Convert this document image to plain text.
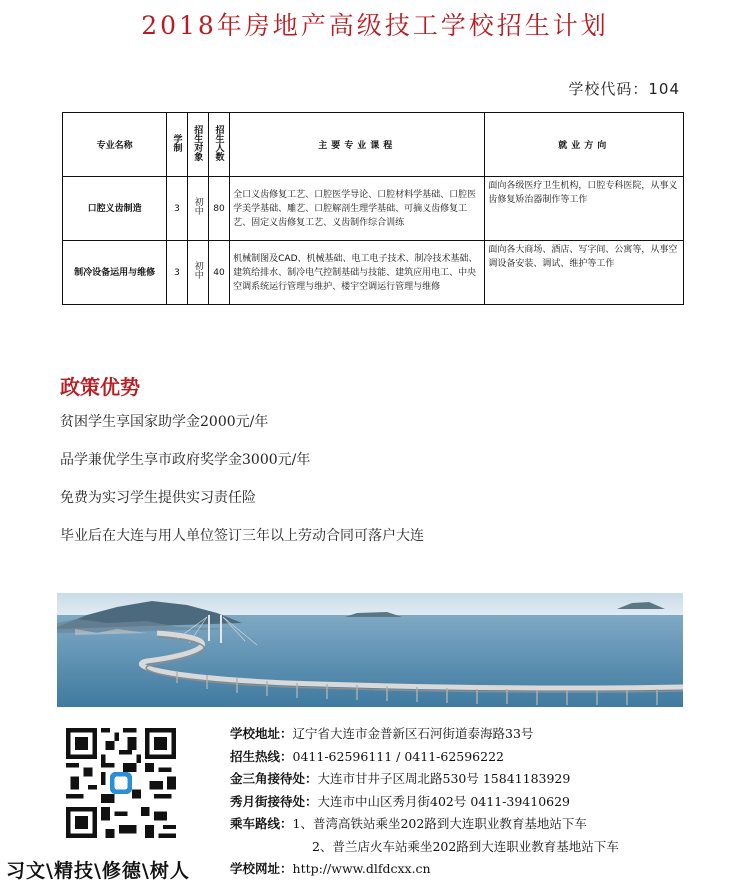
2018年房地产高级技工学校招生计划
学校代码：104
专业名称	学制	招生对象	招生人数	主要专业课程	就业方向
口腔义齿制造	3	初中	80	全口义齿修复工艺、口腔医学导论、口腔材料学基础、口腔医学美学基础、雕艺、口腔解剖生理学基础、可摘义齿修复工艺、固定义齿修复工艺、义齿制作综合训练	面向各级医疗卫生机构，口腔专科医院，从事义齿修复矫治器制作等工作
制冷设备运用与维修	3	初中	40	机械制图及CAD、机械基础、电工电子技术、制冷技术基础、建筑给排水、制冷电气控制基础与技能、建筑应用电工、中央空调系统运行管理与维护、楼宇空调运行管理与维修	面向各大商场、酒店、写字间、公寓等，从事空调设备安装、调试、维护等工作
政策优势
贫困学生享国家助学金2000元/年
品学兼优学生享市政府奖学金3000元/年
免费为实习学生提供实习责任险
毕业后在大连与用人单位签订三年以上劳动合同可落户大连
习文\精技\修德\树人
学校地址：辽宁省大连市金普新区石河街道泰海路33号
招生热线：0411-62596111 / 0411-62596222
金三角接待处：大连市甘井子区周北路530号 15841183929
秀月街接待处：大连市中山区秀月街402号 0411-39410629
乘车路线：1、普湾高铁站乘坐202路到大连职业教育基地站下车
2、普兰店火车站乘坐202路到大连职业教育基地站下车
学校网址：http://www.dlfdcxx.cn
